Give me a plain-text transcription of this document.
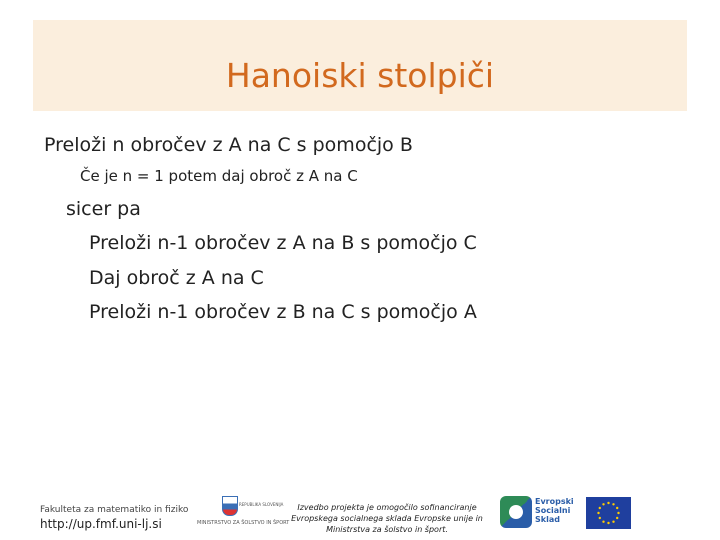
Hanoiski stolpiči
Preloži n obročev z A na C s pomočjo B
Če je n = 1 potem daj obroč z A na C
sicer pa
Preloži n-1 obročev z A na B s pomočjo C
Daj obroč z A na C
Preloži n-1 obročev z B na C s pomočjo A
Fakulteta za matematiko in fiziko
http://up.fmf.uni-lj.si
REPUBLIKA SLOVENIJA
MINISTRSTVO ZA ŠOLSTVO IN ŠPORT
Izvedbo projekta je omogočilo sofinanciranje
Evropskega socialnega sklada Evropske unije in
Ministrstva za šolstvo in šport.
Evropski
Socialni
Sklad
